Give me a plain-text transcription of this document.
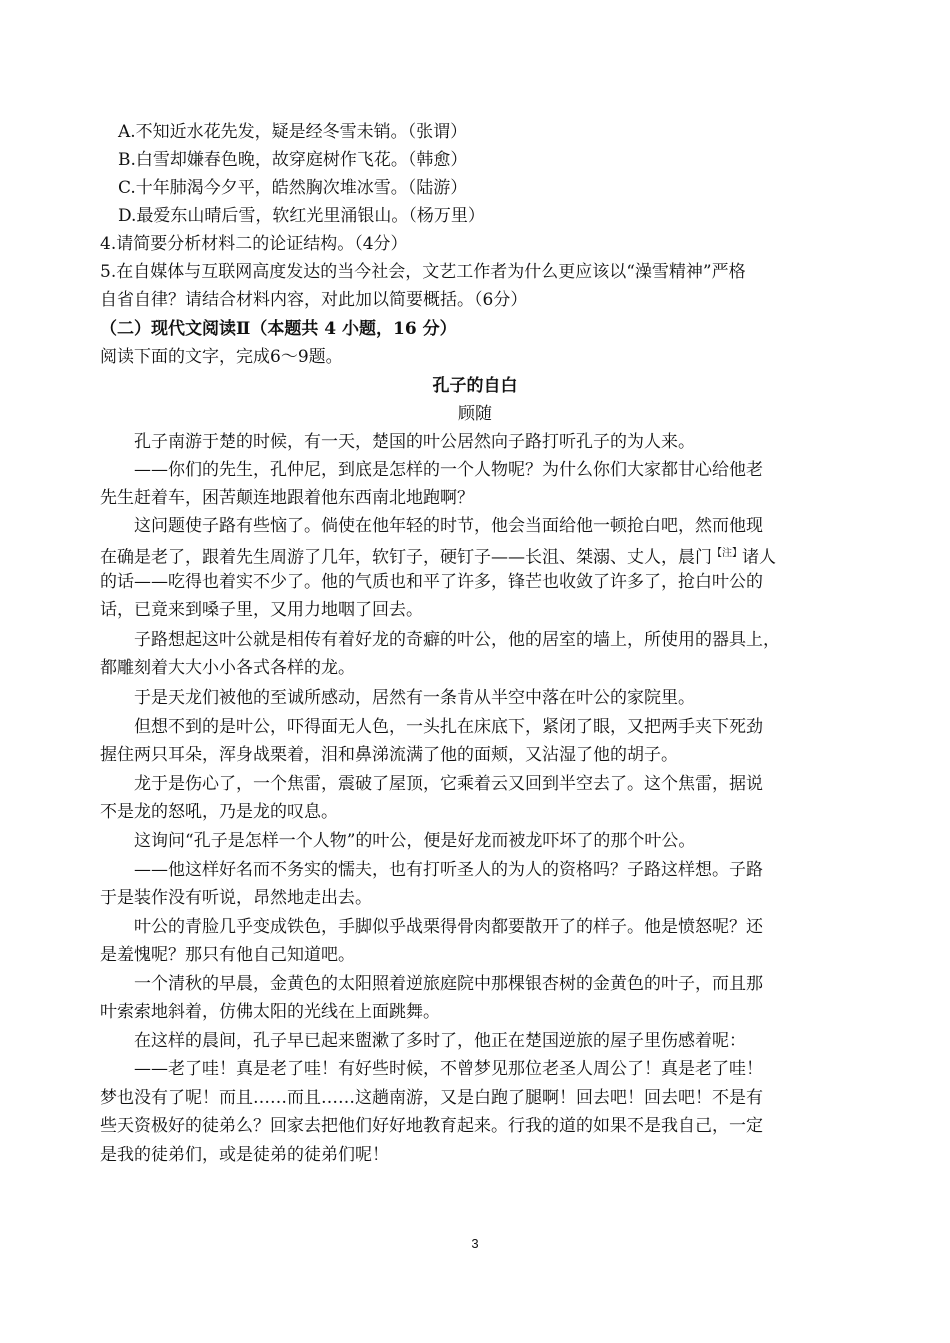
A.不知近水花先发，疑是经冬雪未销。（张谓）
B.白雪却嫌春色晚，故穿庭树作飞花。（韩愈）
C.十年肺渴今夕平，皓然胸次堆冰雪。（陆游）
D.最爱东山晴后雪，软红光里涌银山。（杨万里）
4.请简要分析材料二的论证结构。（4分）
5.在自媒体与互联网高度发达的当今社会，文艺工作者为什么更应该以“澡雪精神”严格
自省自律？请结合材料内容，对此加以简要概括。（6分）
（二）现代文阅读Ⅱ（本题共 4 小题，16 分）
阅读下面的文字，完成6～9题。
孔子的自白
顾随
孔子南游于楚的时候，有一天，楚国的叶公居然向子路打听孔子的为人来。
——你们的先生，孔仲尼，到底是怎样的一个人物呢？为什么你们大家都甘心给他老
先生赶着车，困苦颠连地跟着他东西南北地跑啊？
这问题使子路有些恼了。倘使在他年轻的时节，他会当面给他一顿抢白吧，然而他现
在确是老了，跟着先生周游了几年，软钉子，硬钉子——长沮、桀溺、丈人，晨门$^{【注】}$诸人
的话——吃得也着实不少了。他的气质也和平了许多，锋芒也收敛了许多了，抢白叶公的
话，已竟来到嗓子里，又用力地咽了回去。
子路想起这叶公就是相传有着好龙的奇癖的叶公，他的居室的墙上，所使用的器具上，
都雕刻着大大小小各式各样的龙。
于是天龙们被他的至诚所感动，居然有一条肯从半空中落在叶公的家院里。
但想不到的是叶公，吓得面无人色，一头扎在床底下，紧闭了眼，又把两手夹下死劲
握住两只耳朵，浑身战栗着，泪和鼻涕流满了他的面颊，又沾湿了他的胡子。
龙于是伤心了，一个焦雷，震破了屋顶，它乘着云又回到半空去了。这个焦雷，据说
不是龙的怒吼，乃是龙的叹息。
这询问“孔子是怎样一个人物”的叶公，便是好龙而被龙吓坏了的那个叶公。
——他这样好名而不务实的懦夫，也有打听圣人的为人的资格吗？子路这样想。子路
于是装作没有听说，昂然地走出去。
叶公的青脸几乎变成铁色，手脚似乎战栗得骨肉都要散开了的样子。他是愤怒呢？还
是羞愧呢？那只有他自己知道吧。
一个清秋的早晨，金黄色的太阳照着逆旅庭院中那棵银杏树的金黄色的叶子，而且那
叶索索地斜着，仿佛太阳的光线在上面跳舞。
在这样的晨间，孔子早已起来盥漱了多时了，他正在楚国逆旅的屋子里伤感着呢：
——老了哇！真是老了哇！有好些时候，不曾梦见那位老圣人周公了！真是老了哇！
梦也没有了呢！而且……而且……这趟南游，又是白跑了腿啊！回去吧！回去吧！不是有
些天资极好的徒弟么？回家去把他们好好地教育起来。行我的道的如果不是我自己，一定
是我的徒弟们，或是徒弟的徒弟们呢！
3
